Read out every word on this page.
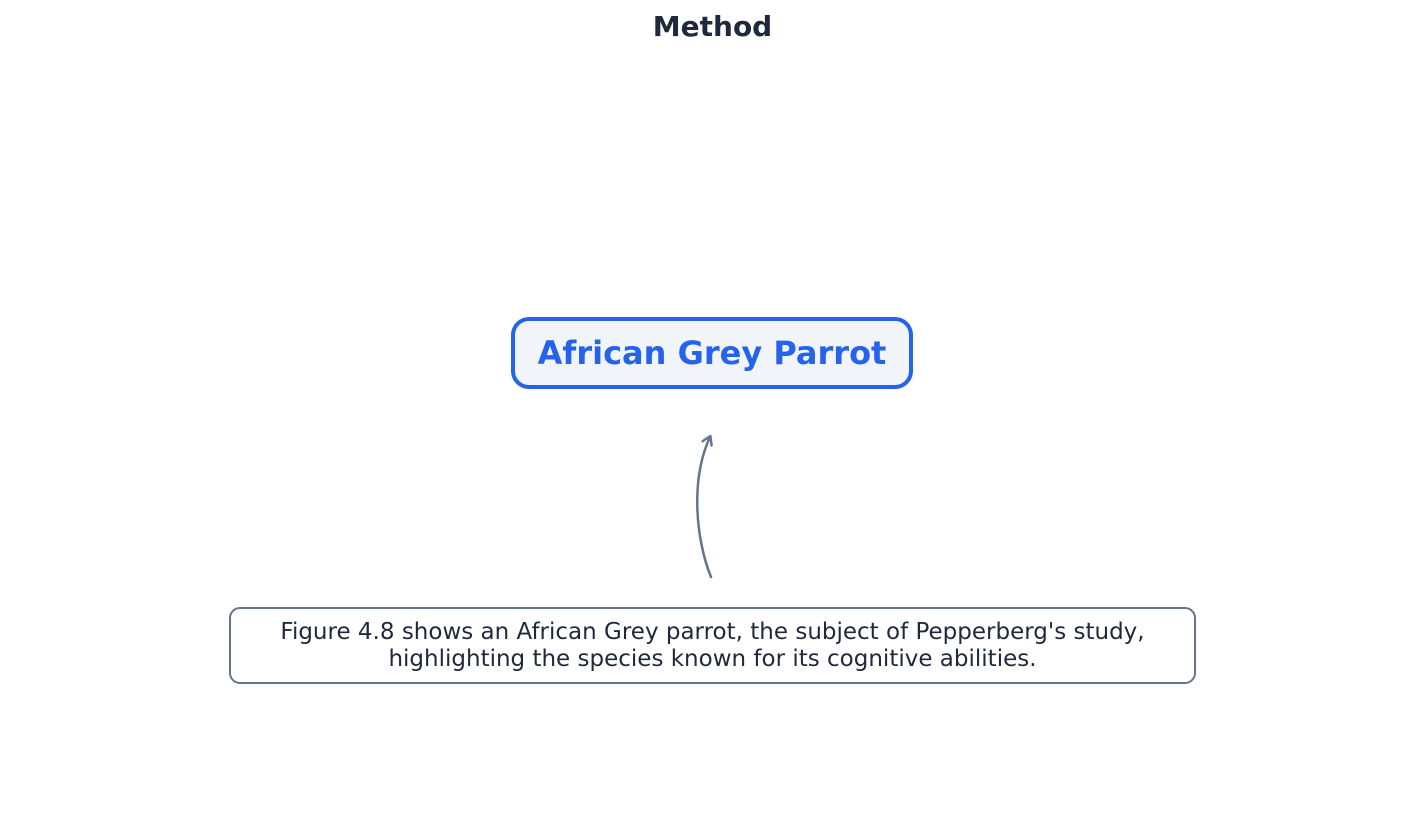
Method
African Grey Parrot
Figure 4.8 shows an African Grey parrot, the subject of Pepperberg's study,
highlighting the species known for its cognitive abilities.
